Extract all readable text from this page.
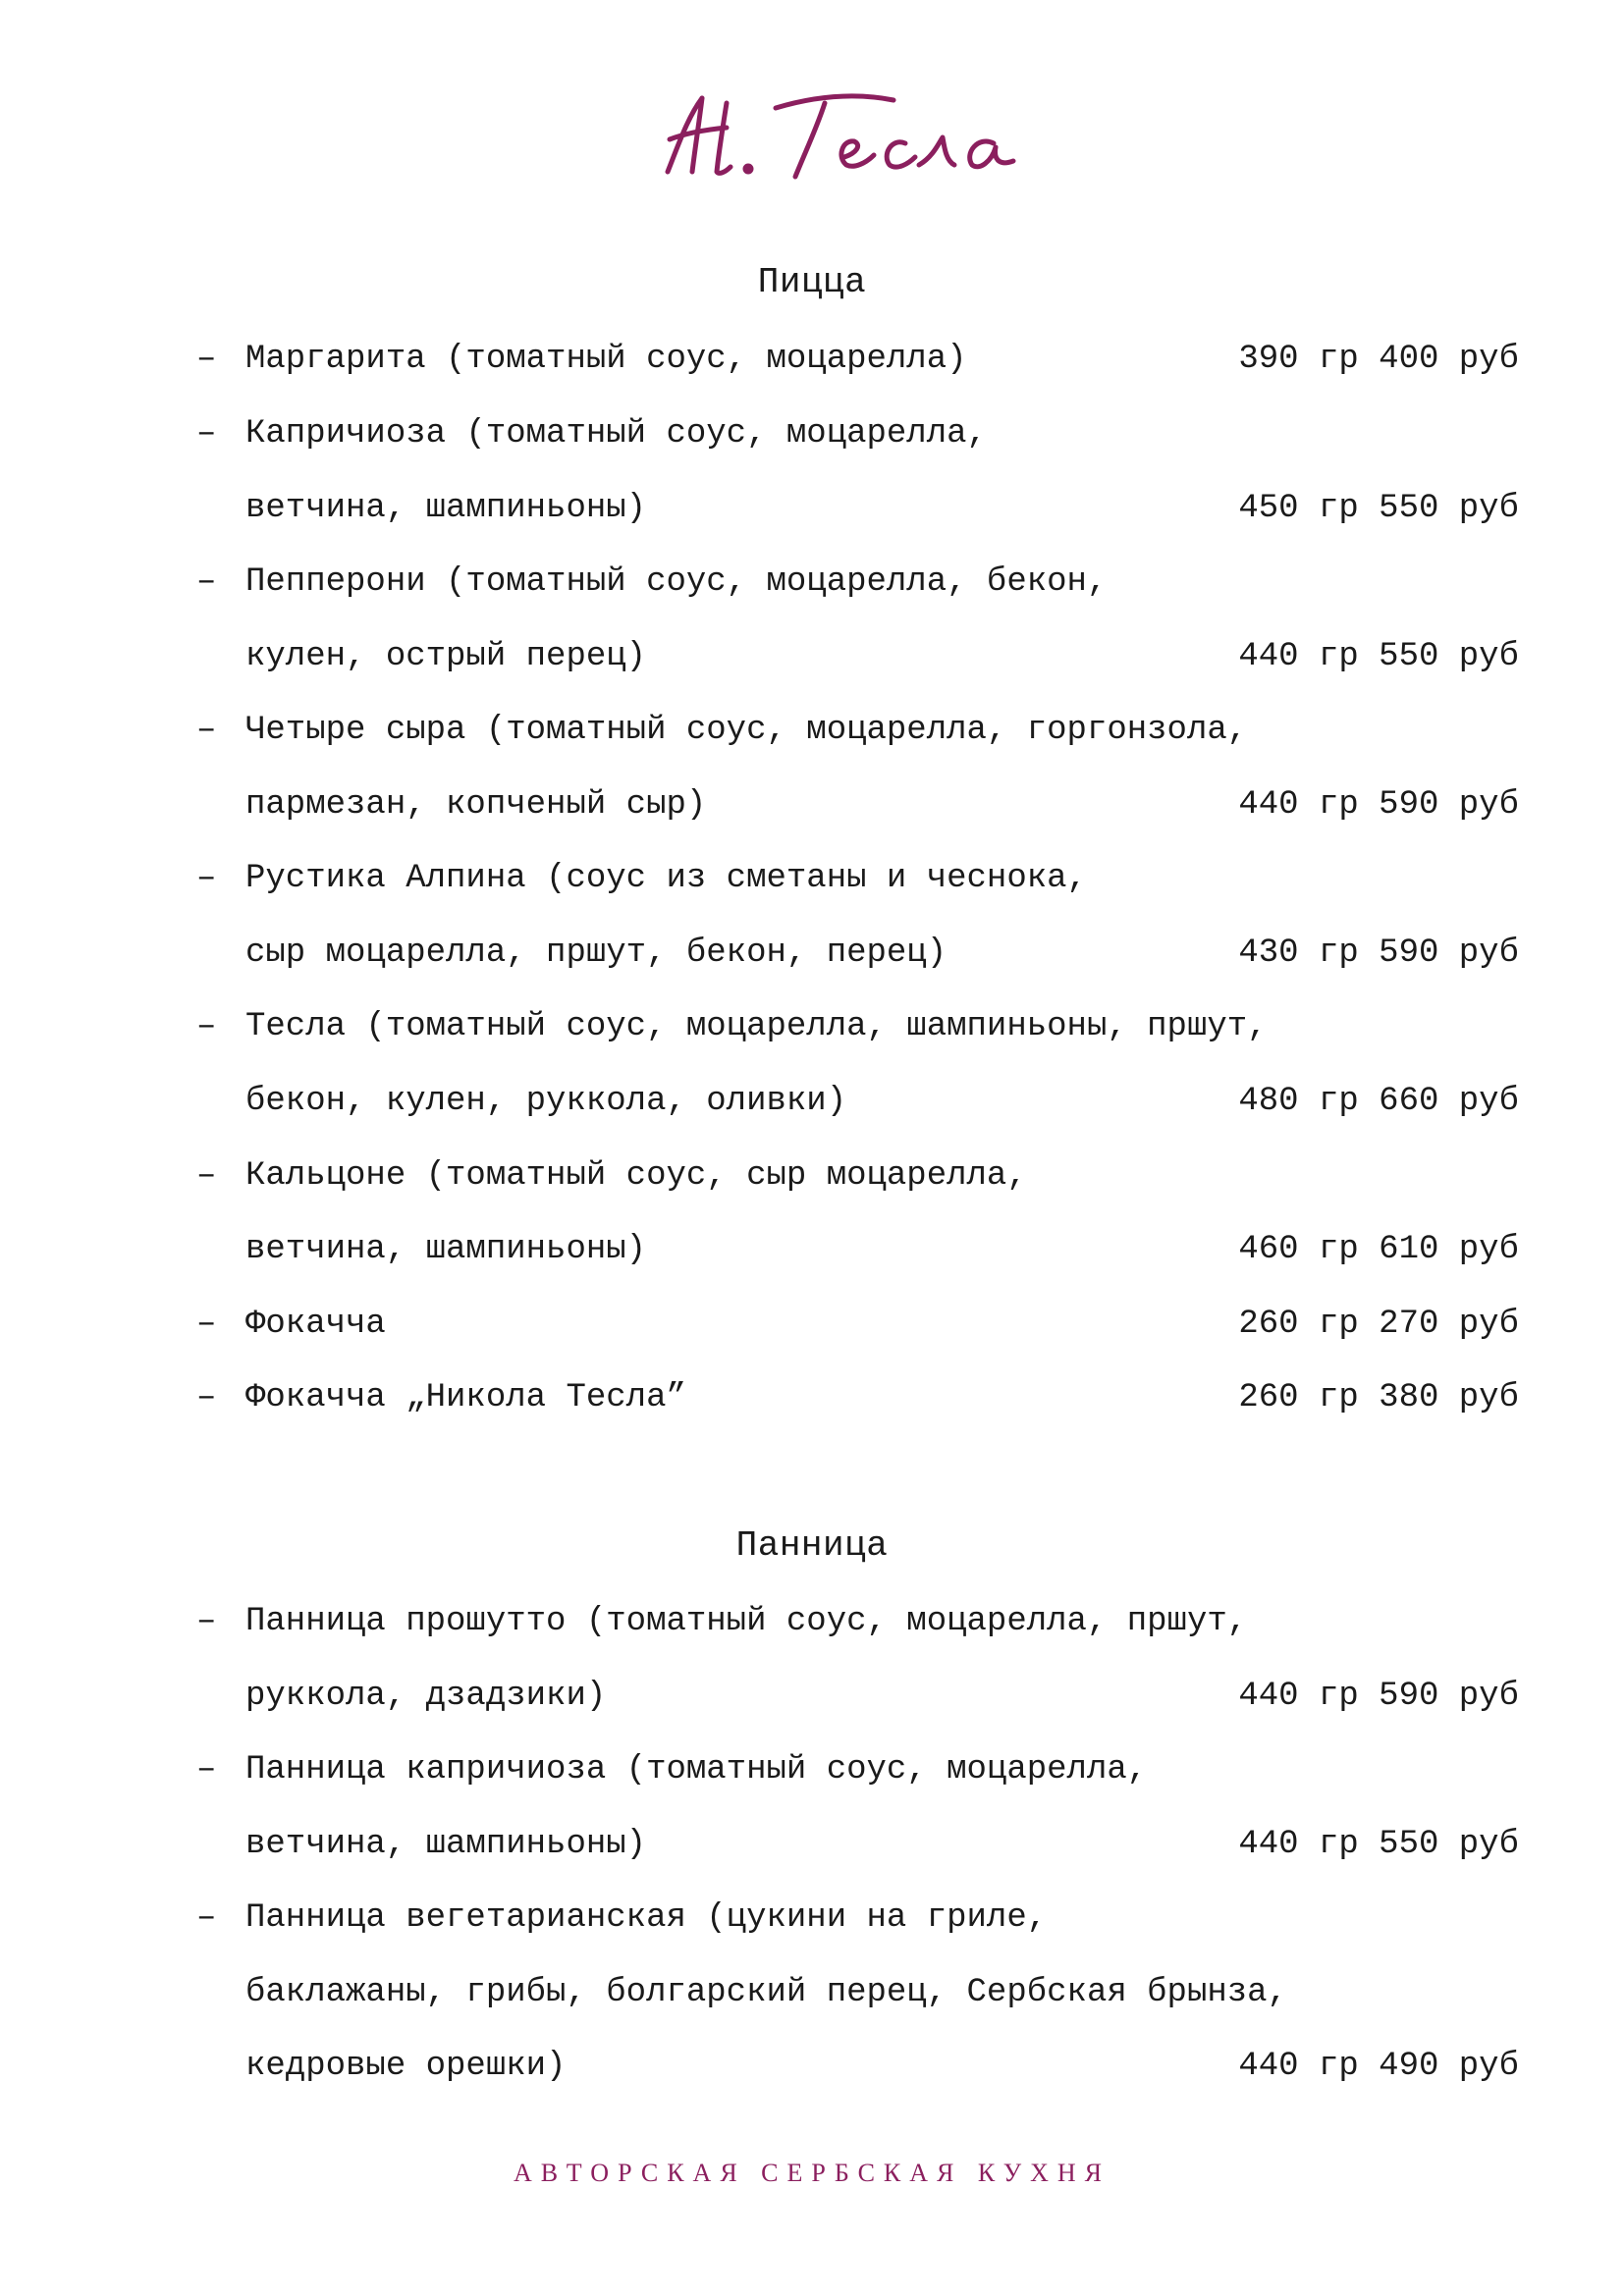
Пицца
– Маргарита (томатный соус, моцарелла)	390 гр 400 руб
– Капричиоза (томатный соус, моцарелла,
ветчина, шампиньоны)	450 гр 550 руб
– Пепперони (томатный соус, моцарелла, бекон,
кулен, острый перец)	440 гр 550 руб
– Четыре сыра (томатный соус, моцарелла, горгонзола,
пармезан, копченый сыр)	440 гр 590 руб
– Рустика Алпина (соус из сметаны и чеснока,
сыр моцарелла, пршут, бекон, перец)	430 гр 590 руб
– Тесла (томатный соус, моцарелла, шампиньоны, пршут,
бекон, кулен, руккола, оливки)	480 гр 660 руб
– Кальцоне (томатный соус, сыр моцарелла,
ветчина, шампиньоны)	460 гр 610 руб
– Фокачча	260 гр 270 руб
– Фокачча „Никола Тесла”	260 гр 380 руб
Панница
– Панница прошутто (томатный соус, моцарелла, пршут,
руккола, дзадзики)	440 гр 590 руб
– Панница капричиоза (томатный соус, моцарелла,
ветчина, шампиньоны)	440 гр 550 руб
– Панница вегетарианская (цукини на гриле,
баклажаны, грибы, болгарский перец, Сербская брынза,
кедровые орешки)	440 гр 490 руб
АВТОРСКАЯ СЕРБСКАЯ КУХНЯ
